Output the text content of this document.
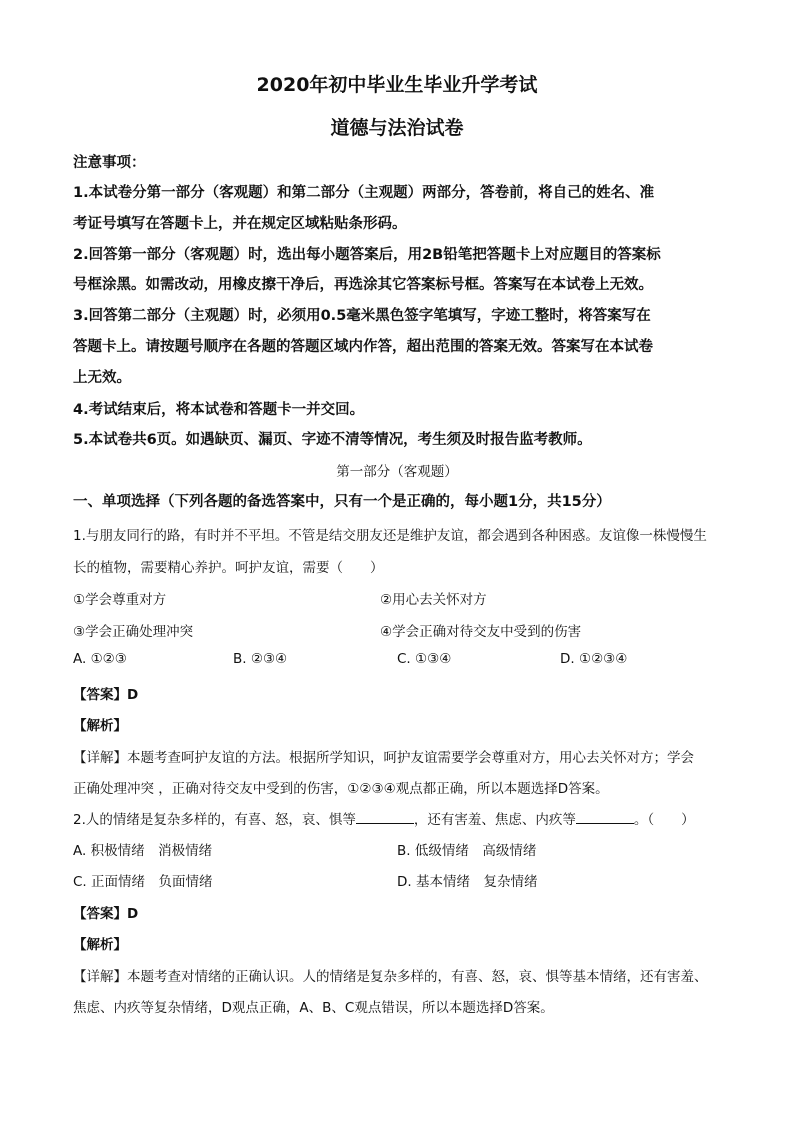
2020年初中毕业生毕业升学考试
道德与法治试卷
注意事项：
1.本试卷分第一部分（客观题）和第二部分（主观题）两部分，答卷前，将自己的姓名、准
考证号填写在答题卡上，并在规定区域粘贴条形码。
2.回答第一部分（客观题）时，选出每小题答案后，用2B铅笔把答题卡上对应题目的答案标
号框涂黑。如需改动，用橡皮擦干净后，再选涂其它答案标号框。答案写在本试卷上无效。
3.回答第二部分（主观题）时，必须用0.5毫米黑色签字笔填写，字迹工整时，将答案写在
答题卡上。请按题号顺序在各题的答题区域内作答，超出范围的答案无效。答案写在本试卷
上无效。
4.考试结束后，将本试卷和答题卡一并交回。
5.本试卷共6页。如遇缺页、漏页、字迹不清等情况，考生须及时报告监考教师。
第一部分（客观题）
一、单项选择（下列各题的备选答案中，只有一个是正确的，每小题1分，共15分）
1.与朋友同行的路，有时并不平坦。不管是结交朋友还是维护友谊，都会遇到各种困惑。友谊像一株慢慢生
长的植物，需要精心养护。呵护友谊，需要（　　）
①学会尊重对方	②用心去关怀对方
③学会正确处理冲突	④学会正确对待交友中受到的伤害
A. ①②③	B. ②③④	C. ①③④	D. ①②③④
【答案】D
【解析】
【详解】本题考查呵护友谊的方法。根据所学知识，呵护友谊需要学会尊重对方，用心去关怀对方；学会
正确处理冲突 ，正确对待交友中受到的伤害，①②③④观点都正确，所以本题选择D答案。
2.人的情绪是复杂多样的，有喜、怒，哀、惧等	，还有害羞、焦虑、内疚等	。（　　）
A. 积极情绪　消极情绪	B. 低级情绪　高级情绪
C. 正面情绪　负面情绪	D. 基本情绪　复杂情绪
【答案】D
【解析】
【详解】本题考查对情绪的正确认识。人的情绪是复杂多样的，有喜、怒，哀、惧等基本情绪，还有害羞、
焦虑、内疚等复杂情绪，D观点正确，A、B、C观点错误，所以本题选择D答案。
